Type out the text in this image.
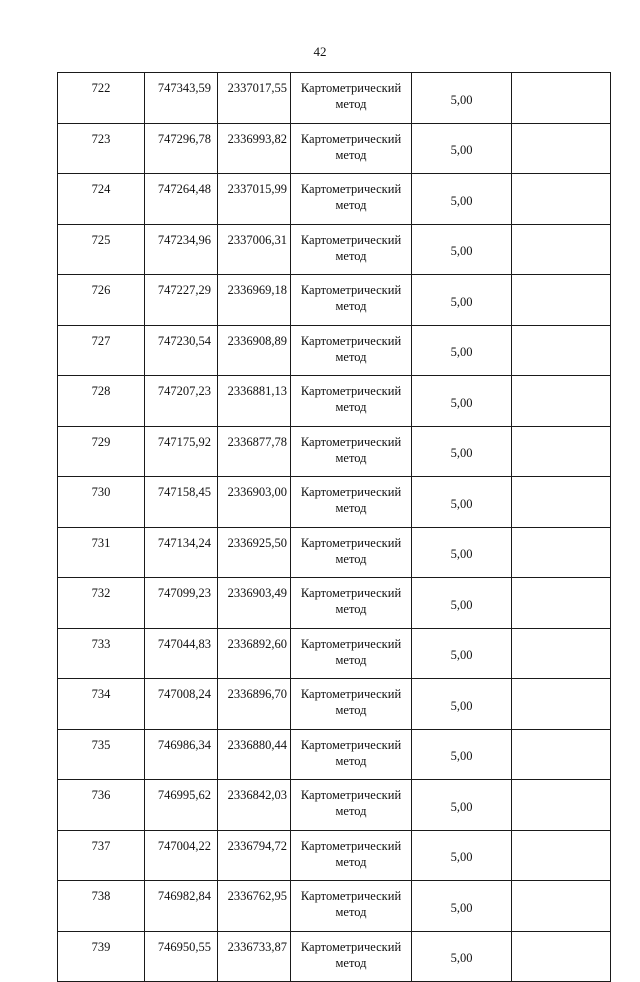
42
722	747343,59	2337017,55	Картометрический
метод	5,00	
723	747296,78	2336993,82	Картометрический
метод	5,00	
724	747264,48	2337015,99	Картометрический
метод	5,00	
725	747234,96	2337006,31	Картометрический
метод	5,00	
726	747227,29	2336969,18	Картометрический
метод	5,00	
727	747230,54	2336908,89	Картометрический
метод	5,00	
728	747207,23	2336881,13	Картометрический
метод	5,00	
729	747175,92	2336877,78	Картометрический
метод	5,00	
730	747158,45	2336903,00	Картометрический
метод	5,00	
731	747134,24	2336925,50	Картометрический
метод	5,00	
732	747099,23	2336903,49	Картометрический
метод	5,00	
733	747044,83	2336892,60	Картометрический
метод	5,00	
734	747008,24	2336896,70	Картометрический
метод	5,00	
735	746986,34	2336880,44	Картометрический
метод	5,00	
736	746995,62	2336842,03	Картометрический
метод	5,00	
737	747004,22	2336794,72	Картометрический
метод	5,00	
738	746982,84	2336762,95	Картометрический
метод	5,00	
739	746950,55	2336733,87	Картометрический
метод	5,00	
